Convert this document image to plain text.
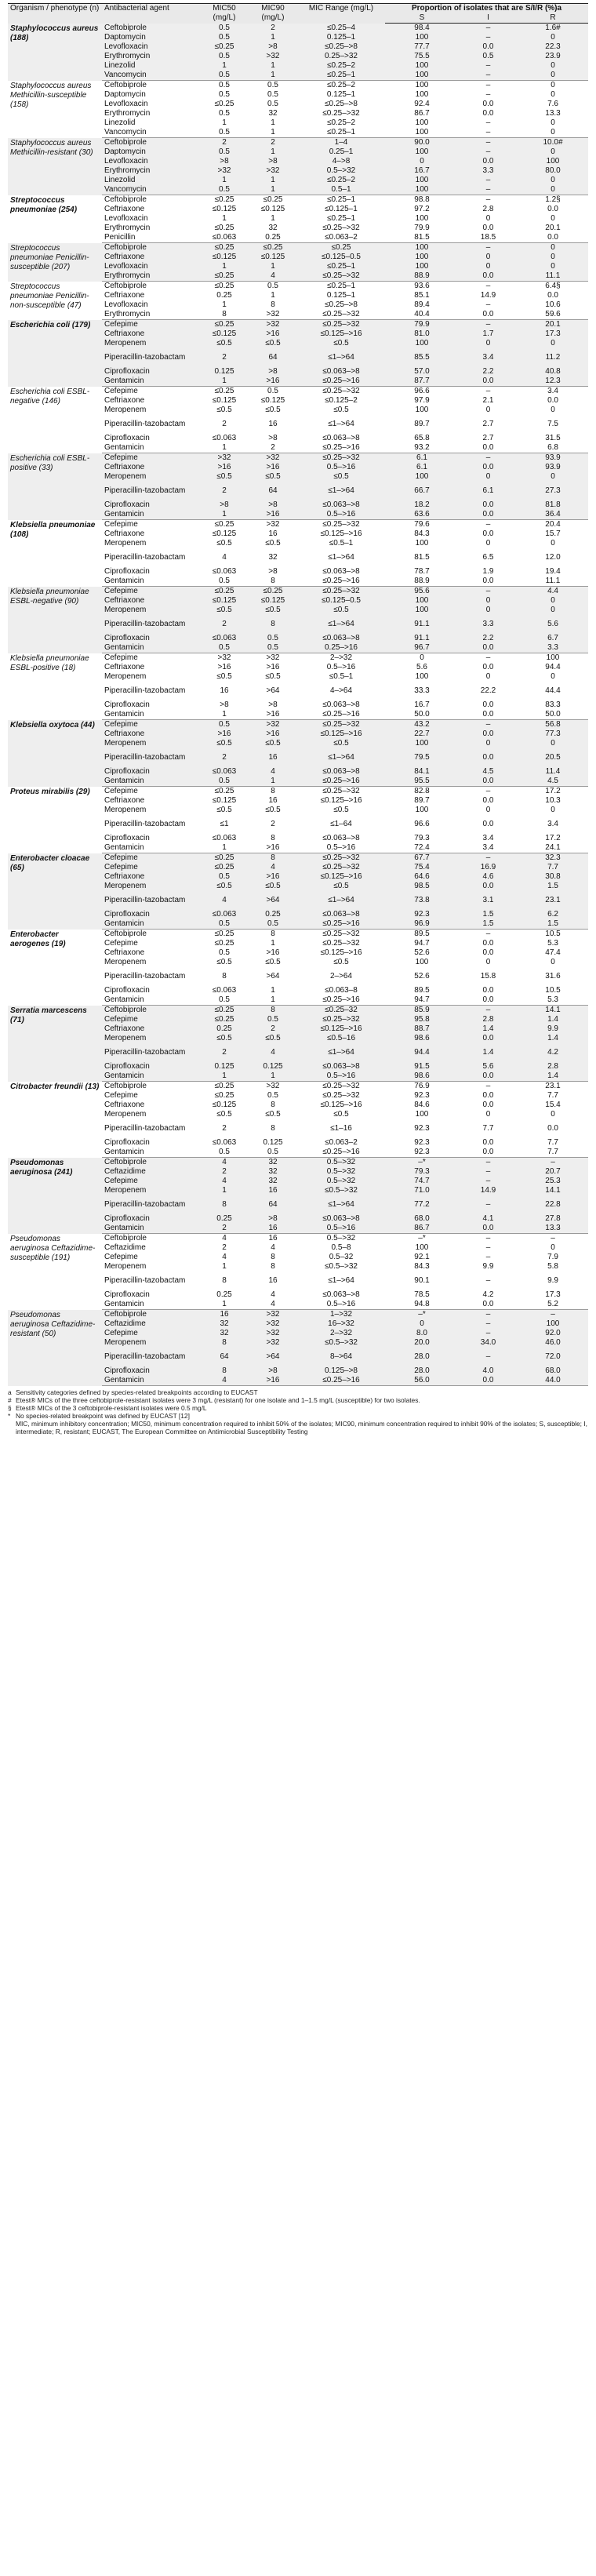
Organism / phenotype (n)	Antibacterial agent	MIC50 (mg/L)	MIC90 (mg/L)	MIC Range (mg/L)	Proportion of isolates that are S/I/R (%)a		
					S	I	R
Staphylococcus aureus (188)	Ceftobiprole	0.5	2	≤0.25–4	98.4	–	1.6#
	Daptomycin	0.5	1	0.125–1	100	–	0
	Levofloxacin	≤0.25	>8	≤0.25–>8	77.7	0.0	22.3
	Erythromycin	0.5	>32	0.25–>32	75.5	0.5	23.9
	Linezolid	1	1	≤0.25–2	100	–	0
	Vancomycin	0.5	1	≤0.25–1	100	–	0
Staphylococcus aureus Methicillin-susceptible (158)	Ceftobiprole	0.5	0.5	≤0.25–2	100	–	0
	Daptomycin	0.5	0.5	0.125–1	100	–	0
	Levofloxacin	≤0.25	0.5	≤0.25–>8	92.4	0.0	7.6
	Erythromycin	0.5	32	≤0.25–>32	86.7	0.0	13.3
	Linezolid	1	1	≤0.25–2	100	–	0
	Vancomycin	0.5	1	≤0.25–1	100	–	0
Staphylococcus aureus Methicillin-resistant (30)	Ceftobiprole	2	2	1–4	90.0	–	10.0#
	Daptomycin	0.5	1	0.25–1	100	–	0
	Levofloxacin	>8	>8	4–>8	0	0.0	100
	Erythromycin	>32	>32	0.5–>32	16.7	3.3	80.0
	Linezolid	1	1	≤0.25–2	100	–	0
	Vancomycin	0.5	1	0.5–1	100	–	0
Streptococcus pneumoniae (254)	Ceftobiprole	≤0.25	≤0.25	≤0.25–1	98.8	–	1.2§
	Ceftriaxone	≤0.125	≤0.125	≤0.125–1	97.2	2.8	0.0
	Levofloxacin	1	1	≤0.25–1	100	0	0
	Erythromycin	≤0.25	32	≤0.25–>32	79.9	0.0	20.1
	Penicillin	≤0.063	0.25	≤0.063–2	81.5	18.5	0.0
Streptococcus pneumoniae Penicillin-susceptible (207)	Ceftobiprole	≤0.25	≤0.25	≤0.25	100	–	0
	Ceftriaxone	≤0.125	≤0.125	≤0.125–0.5	100	0	0
	Levofloxacin	1	1	≤0.25–1	100	0	0
	Erythromycin	≤0.25	4	≤0.25–>32	88.9	0.0	11.1
Streptococcus pneumoniae Penicillin-non-susceptible (47)	Ceftobiprole	≤0.25	0.5	≤0.25–1	93.6	–	6.4§
	Ceftriaxone	0.25	1	0.125–1	85.1	14.9	0.0
	Levofloxacin	1	8	≤0.25–>8	89.4	–	10.6
	Erythromycin	8	>32	≤0.25–>32	40.4	0.0	59.6
Escherichia coli (179)	Cefepime	≤0.25	>32	≤0.25–>32	79.9	–	20.1
	Ceftriaxone	≤0.125	>16	≤0.125–>16	81.0	1.7	17.3
	Meropenem	≤0.5	≤0.5	≤0.5	100	0	0
	Piperacillin-tazobactam	2	64	≤1–>64	85.5	3.4	11.2
	Ciprofloxacin	0.125	>8	≤0.063–>8	57.0	2.2	40.8
	Gentamicin	1	>16	≤0.25–>16	87.7	0.0	12.3
Escherichia coli ESBL-negative (146)	Cefepime	≤0.25	0.5	≤0.25–>32	96.6	–	3.4
	Ceftriaxone	≤0.125	≤0.125	≤0.125–2	97.9	2.1	0.0
	Meropenem	≤0.5	≤0.5	≤0.5	100	0	0
	Piperacillin-tazobactam	2	16	≤1–>64	89.7	2.7	7.5
	Ciprofloxacin	≤0.063	>8	≤0.063–>8	65.8	2.7	31.5
	Gentamicin	1	2	≤0.25–>16	93.2	0.0	6.8
Escherichia coli ESBL-positive (33)	Cefepime	>32	>32	≤0.25–>32	6.1	–	93.9
	Ceftriaxone	>16	>16	0.5–>16	6.1	0.0	93.9
	Meropenem	≤0.5	≤0.5	≤0.5	100	0	0
	Piperacillin-tazobactam	2	64	≤1–>64	66.7	6.1	27.3
	Ciprofloxacin	>8	>8	≤0.063–>8	18.2	0.0	81.8
	Gentamicin	1	>16	0.5–>16	63.6	0.0	36.4
Klebsiella pneumoniae (108)	Cefepime	≤0.25	>32	≤0.25–>32	79.6	–	20.4
	Ceftriaxone	≤0.125	16	≤0.125–>16	84.3	0.0	15.7
	Meropenem	≤0.5	≤0.5	≤0.5–1	100	0	0
	Piperacillin-tazobactam	4	32	≤1–>64	81.5	6.5	12.0
	Ciprofloxacin	≤0.063	>8	≤0.063–>8	78.7	1.9	19.4
	Gentamicin	0.5	8	≤0.25–>16	88.9	0.0	11.1
Klebsiella pneumoniae ESBL-negative (90)	Cefepime	≤0.25	≤0.25	≤0.25–>32	95.6	–	4.4
	Ceftriaxone	≤0.125	≤0.125	≤0.125–0.5	100	0	0
	Meropenem	≤0.5	≤0.5	≤0.5	100	0	0
	Piperacillin-tazobactam	2	8	≤1–>64	91.1	3.3	5.6
	Ciprofloxacin	≤0.063	0.5	≤0.063–>8	91.1	2.2	6.7
	Gentamicin	0.5	0.5	0.25–>16	96.7	0.0	3.3
Klebsiella pneumoniae ESBL-positive (18)	Cefepime	>32	>32	2–>32	0	–	100
	Ceftriaxone	>16	>16	0.5–>16	5.6	0.0	94.4
	Meropenem	≤0.5	≤0.5	≤0.5–1	100	0	0
	Piperacillin-tazobactam	16	>64	4–>64	33.3	22.2	44.4
	Ciprofloxacin	>8	>8	≤0.063–>8	16.7	0.0	83.3
	Gentamicin	1	>16	≤0.25–>16	50.0	0.0	50.0
Klebsiella oxytoca (44)	Cefepime	0.5	>32	≤0.25–>32	43.2	–	56.8
	Ceftriaxone	>16	>16	≤0.125–>16	22.7	0.0	77.3
	Meropenem	≤0.5	≤0.5	≤0.5	100	0	0
	Piperacillin-tazobactam	2	16	≤1–>64	79.5	0.0	20.5
	Ciprofloxacin	≤0.063	4	≤0.063–>8	84.1	4.5	11.4
	Gentamicin	0.5	1	≤0.25–>16	95.5	0.0	4.5
Proteus mirabilis (29)	Cefepime	≤0.25	8	≤0.25–>32	82.8	–	17.2
	Ceftriaxone	≤0.125	16	≤0.125–>16	89.7	0.0	10.3
	Meropenem	≤0.5	≤0.5	≤0.5	100	0	0
	Piperacillin-tazobactam	≤1	2	≤1–64	96.6	0.0	3.4
	Ciprofloxacin	≤0.063	8	≤0.063–>8	79.3	3.4	17.2
	Gentamicin	1	>16	0.5–>16	72.4	3.4	24.1
Enterobacter cloacae (65)	Cefepime	≤0.25	8	≤0.25–>32	67.7	–	32.3
	Cefepime	≤0.25	4	≤0.25–>32	75.4	16.9	7.7
	Ceftriaxone	0.5	>16	≤0.125–>16	64.6	4.6	30.8
	Meropenem	≤0.5	≤0.5	≤0.5	98.5	0.0	1.5
	Piperacillin-tazobactam	4	>64	≤1–>64	73.8	3.1	23.1
	Ciprofloxacin	≤0.063	0.25	≤0.063–>8	92.3	1.5	6.2
	Gentamicin	0.5	0.5	≤0.25–>16	96.9	1.5	1.5
Enterobacter aerogenes (19)	Ceftobiprole	≤0.25	8	≤0.25–>32	89.5	–	10.5
	Cefepime	≤0.25	1	≤0.25–>32	94.7	0.0	5.3
	Ceftriaxone	0.5	>16	≤0.125–>16	52.6	0.0	47.4
	Meropenem	≤0.5	≤0.5	≤0.5	100	0	0
	Piperacillin-tazobactam	8	>64	2–>64	52.6	15.8	31.6
	Ciprofloxacin	≤0.063	1	≤0.063–8	89.5	0.0	10.5
	Gentamicin	0.5	1	≤0.25–>16	94.7	0.0	5.3
Serratia marcescens (71)	Ceftobiprole	≤0.25	8	≤0.25–32	85.9	–	14.1
	Cefepime	≤0.25	0.5	≤0.25–>32	95.8	2.8	1.4
	Ceftriaxone	0.25	2	≤0.125–>16	88.7	1.4	9.9
	Meropenem	≤0.5	≤0.5	≤0.5–16	98.6	0.0	1.4
	Piperacillin-tazobactam	2	4	≤1–>64	94.4	1.4	4.2
	Ciprofloxacin	0.125	0.125	≤0.063–>8	91.5	5.6	2.8
	Gentamicin	1	1	0.5–>16	98.6	0.0	1.4
Citrobacter freundii (13)	Ceftobiprole	≤0.25	>32	≤0.25–>32	76.9	–	23.1
	Cefepime	≤0.25	0.5	≤0.25–>32	92.3	0.0	7.7
	Ceftriaxone	≤0.125	8	≤0.125–>16	84.6	0.0	15.4
	Meropenem	≤0.5	≤0.5	≤0.5	100	0	0
	Piperacillin-tazobactam	2	8	≤1–16	92.3	7.7	0.0
	Ciprofloxacin	≤0.063	0.125	≤0.063–2	92.3	0.0	7.7
	Gentamicin	0.5	0.5	≤0.25–>16	92.3	0.0	7.7
Pseudomonas aeruginosa (241)	Ceftobiprole	4	32	0.5–>32	–*	–	–
	Ceftazidime	2	32	0.5–>32	79.3	–	20.7
	Cefepime	4	32	0.5–>32	74.7	–	25.3
	Meropenem	1	16	≤0.5–>32	71.0	14.9	14.1
	Piperacillin-tazobactam	8	64	≤1–>64	77.2	–	22.8
	Ciprofloxacin	0.25	>8	≤0.063–>8	68.0	4.1	27.8
	Gentamicin	2	16	0.5–>16	86.7	0.0	13.3
Pseudomonas aeruginosa Ceftazidime-susceptible (191)	Ceftobiprole	4	16	0.5–>32	–*	–	–
	Ceftazidime	2	4	0.5–8	100	–	0
	Cefepime	4	8	0.5–32	92.1	–	7.9
	Meropenem	1	8	≤0.5–>32	84.3	9.9	5.8
	Piperacillin-tazobactam	8	16	≤1–>64	90.1	–	9.9
	Ciprofloxacin	0.25	4	≤0.063–>8	78.5	4.2	17.3
	Gentamicin	1	4	0.5–>16	94.8	0.0	5.2
Pseudomonas aeruginosa Ceftazidime-resistant (50)	Ceftobiprole	16	>32	1–>32	–*	–	–
	Ceftazidime	32	>32	16–>32	0	–	100
	Cefepime	32	>32	2–>32	8.0	–	92.0
	Meropenem	8	>32	≤0.5–>32	20.0	34.0	46.0
	Piperacillin-tazobactam	64	>64	8–>64	28.0	–	72.0
	Ciprofloxacin	8	>8	0.125–>8	28.0	4.0	68.0
	Gentamicin	4	>16	≤0.25–>16	56.0	0.0	44.0
a Sensitivity categories defined by species-related breakpoints according to EUCAST
# Etest® MICs of the three ceftobiprole-resistant isolates were 3 mg/L (resistant) for one isolate and 1–1.5 mg/L (susceptible) for two isolates.
§ Etest® MICs of the 3 ceftobiprole-resistant isolates were 0.5 mg/L
* No species-related breakpoint was defined by EUCAST [12]
MIC, minimum inhibitory concentration; MIC50, minimum concentration required to inhibit 50% of the isolates; MIC90, minimum concentration required to inhibit 90% of the isolates; S, susceptible; I, intermediate; R, resistant; EUCAST, The European Committee on Antimicrobial Susceptibility Testing
